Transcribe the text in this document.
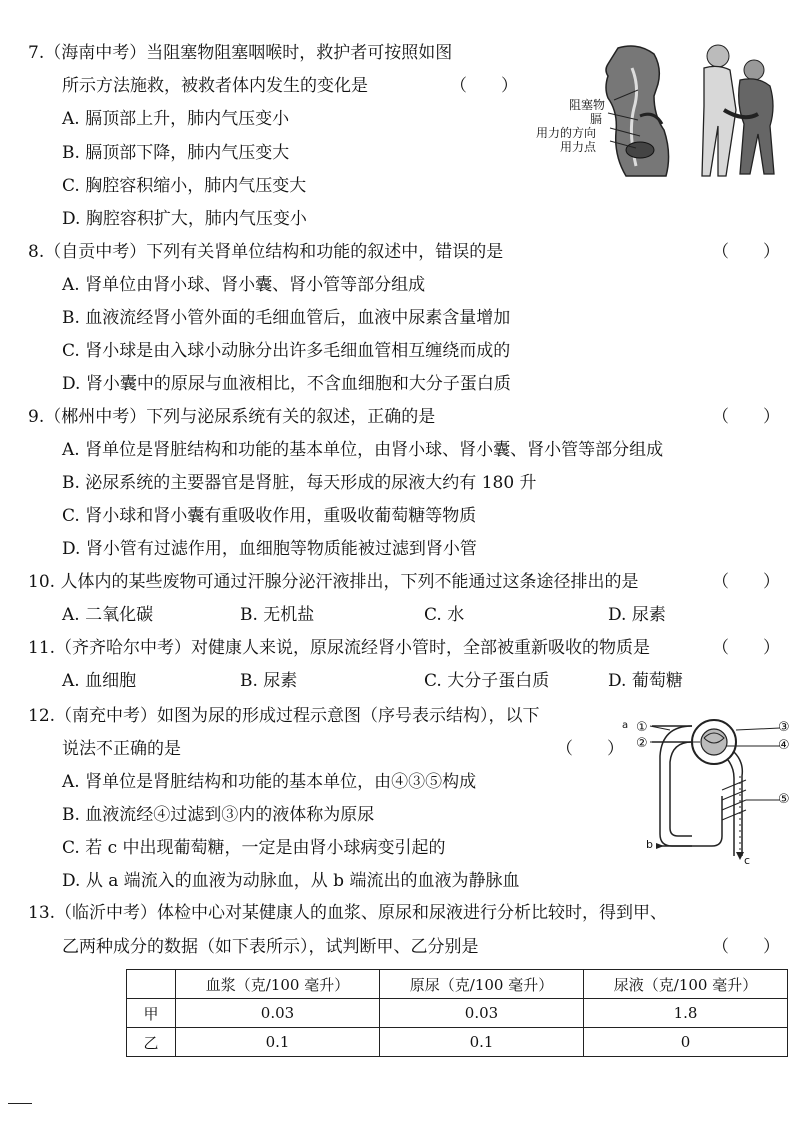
7.（海南中考）当阻塞物阻塞咽喉时，救护者可按照如图
所示方法施救，被救者体内发生的变化是	（　　）
A. 膈顶部上升，肺内气压变小
B. 膈顶部下降，肺内气压变大
C. 胸腔容积缩小，肺内气压变大
D. 胸腔容积扩大，肺内气压变小
阻塞物
膈
用力的方向
用力点
8.（自贡中考）下列有关肾单位结构和功能的叙述中，错误的是	（　　）
A. 肾单位由肾小球、肾小囊、肾小管等部分组成
B. 血液流经肾小管外面的毛细血管后，血液中尿素含量增加
C. 肾小球是由入球小动脉分出许多毛细血管相互缠绕而成的
D. 肾小囊中的原尿与血液相比，不含血细胞和大分子蛋白质
9.（郴州中考）下列与泌尿系统有关的叙述，正确的是	（　　）
A. 肾单位是肾脏结构和功能的基本单位，由肾小球、肾小囊、肾小管等部分组成
B. 泌尿系统的主要器官是肾脏，每天形成的尿液大约有 180 升
C. 肾小球和肾小囊有重吸收作用，重吸收葡萄糖等物质
D. 肾小管有过滤作用，血细胞等物质能被过滤到肾小管
10. 人体内的某些废物可通过汗腺分泌汗液排出，下列不能通过这条途径排出的是	（　　）
A. 二氧化碳	B. 无机盐	C. 水	D. 尿素
11.（齐齐哈尔中考）对健康人来说，原尿流经肾小管时，全部被重新吸收的物质是	（　　）
A. 血细胞	B. 尿素	C. 大分子蛋白质	D. 葡萄糖
12.（南充中考）如图为尿的形成过程示意图（序号表示结构），以下
说法不正确的是	（　　）
A. 肾单位是肾脏结构和功能的基本单位，由④③⑤构成
B. 血液流经④过滤到③内的液体称为原尿
C. 若 c 中出现葡萄糖，一定是由肾小球病变引起的
D. 从 a 端流入的血液为动脉血，从 b 端流出的血液为静脉血
①
②
③
④
⑤
a
b
c
13.（临沂中考）体检中心对某健康人的血浆、原尿和尿液进行分析比较时，得到甲、
乙两种成分的数据（如下表所示），试判断甲、乙分别是	（　　）
	血浆（克/100 毫升）	原尿（克/100 毫升）	尿液（克/100 毫升）
甲	0.03	0.03	1.8
乙	0.1	0.1	0
